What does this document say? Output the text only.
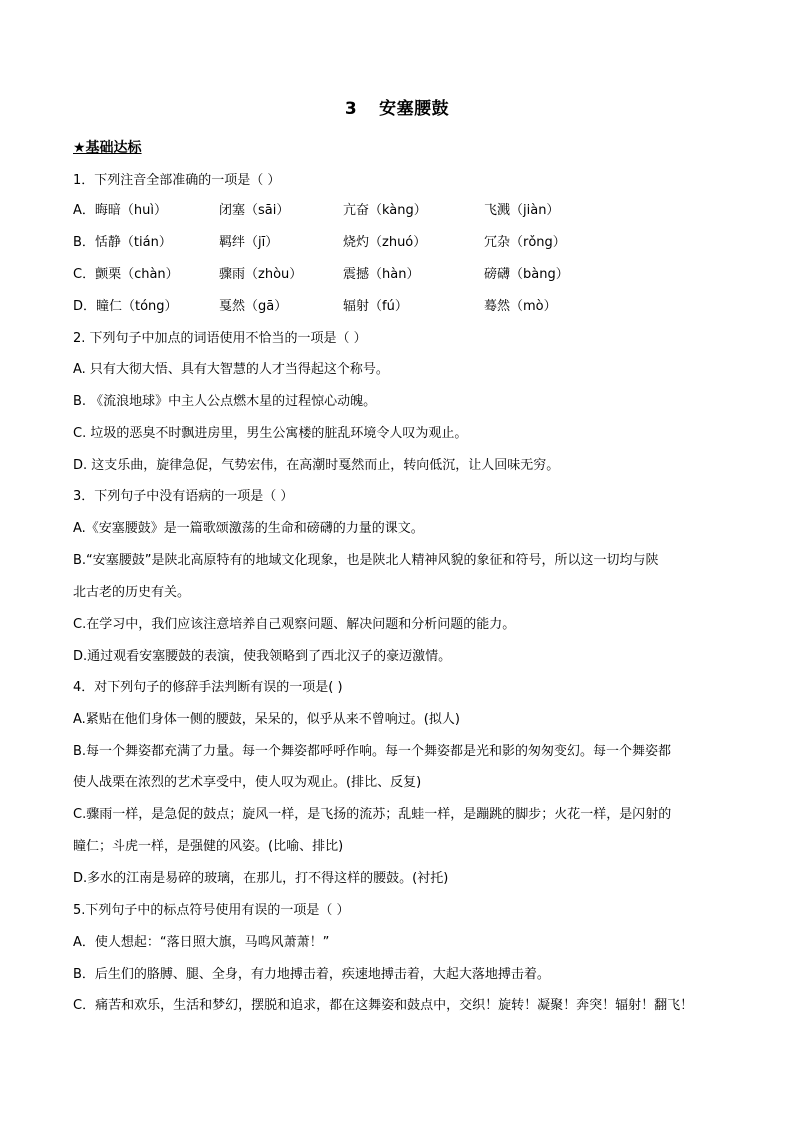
3 安塞腰鼓
★基础达标
1．下列注音全部准确的一项是（ ）
A．晦暗（huì）	闭塞（sāi）	亢奋（kàng）	飞溅（jiàn）
B．恬静（tián）	羁绊（jī）	烧灼（zhuó）	冗杂（rǒng）
C．颤栗（chàn）	骤雨（zhòu）	震撼（hàn）	磅礴（bàng）
D．瞳仁（tóng）	戛然（gā）	辐射（fú）	蓦然（mò）
2. 下列句子中加点的词语使用不恰当的一项是（ ）
A. 只有大彻大悟、具有大智慧的人才当得起这个称号。
B. 《流浪地球》中主人公点燃木星的过程惊心动魄。
C. 垃圾的恶臭不时飘进房里，男生公寓楼的脏乱环境令人叹为观止。
D. 这支乐曲，旋律急促，气势宏伟，在高潮时戛然而止，转向低沉，让人回味无穷。
3．下列句子中没有语病的一项是（ ）
A.《安塞腰鼓》是一篇歌颂激荡的生命和磅礴的力量的课文。
B.“安塞腰鼓”是陕北高原特有的地域文化现象，也是陕北人精神风貌的象征和符号，所以这一切均与陕
北古老的历史有关。
C.在学习中，我们应该注意培养自己观察问题、解决问题和分析问题的能力。
D.通过观看安塞腰鼓的表演，使我领略到了西北汉子的豪迈激情。
4．对下列句子的修辞手法判断有误的一项是( )
A.紧贴在他们身体一侧的腰鼓，呆呆的，似乎从来不曾响过。(拟人)
B.每一个舞姿都充满了力量。每一个舞姿都呼呼作响。每一个舞姿都是光和影的匆匆变幻。每一个舞姿都
使人战栗在浓烈的艺术享受中，使人叹为观止。(排比、反复)
C.骤雨一样，是急促的鼓点；旋风一样，是飞扬的流苏；乱蛙一样，是蹦跳的脚步；火花一样，是闪射的
瞳仁；斗虎一样，是强健的风姿。(比喻、排比)
D.多水的江南是易碎的玻璃，在那儿，打不得这样的腰鼓。(衬托)
5.下列句子中的标点符号使用有误的一项是（ ）
A．使人想起：“落日照大旗，马鸣风萧萧！”
B．后生们的胳膊、腿、全身，有力地搏击着，疾速地搏击着，大起大落地搏击着。
C．痛苦和欢乐，生活和梦幻，摆脱和追求，都在这舞姿和鼓点中，交织！旋转！凝聚！奔突！辐射！翻飞！
